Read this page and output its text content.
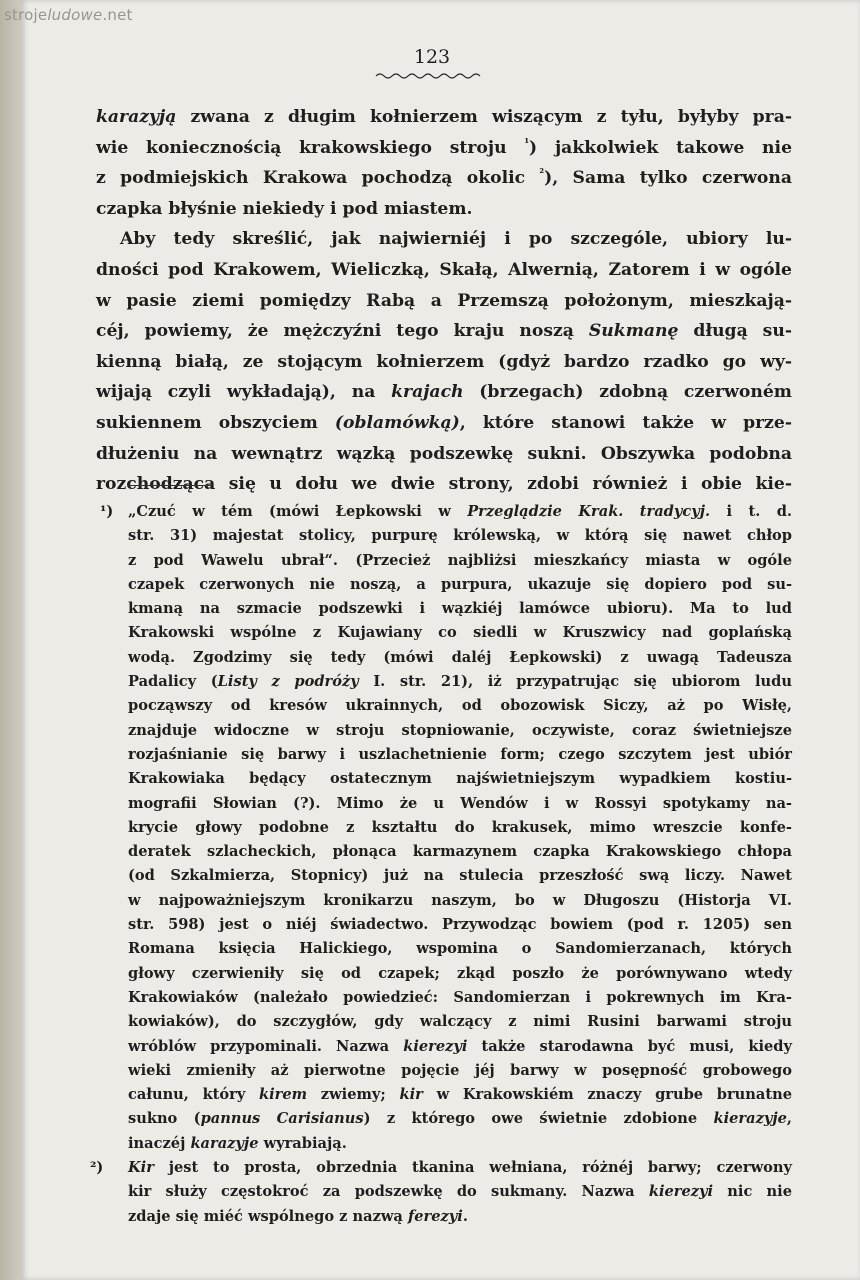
123
karazyją zwana z długim kołnierzem wiszącym z tyłu, byłyby pra-
wie koniecznością krakowskiego stroju $^{^1}$) jakkolwiek takowe nie
z podmiejskich Krakowa pochodzą okolic $^{^2}$), Sama tylko czerwona
czapka błyśnie niekiedy i pod miastem.
Aby tedy skreślić, jak najwierniéj i po szczególe, ubiory lu-
dności pod Krakowem, Wieliczką, Skałą, Alwernią, Zatorem i w ogóle
w pasie ziemi pomiędzy Rabą a Przemszą położonym, mieszkają-
céj, powiemy, że mężczyźni tego kraju noszą Sukmanę długą su-
kienną białą, ze stojącym kołnierzem (gdyż bardzo rzadko go wy-
wijają czyli wykładają), na krajach (brzegach) zdobną czerwoném
sukiennem obszyciem (oblamówką), które stanowi także w prze-
dłużeniu na wewnątrz wązką podszewkę sukni. Obszywka podobna
rozchodząca się u dołu we dwie strony, zdobi również i obie kie-
¹) „Czuć w tém (mówi Łepkowski w Przeglądzie Krak. tradycyj. i t. d.
str. 31) majestat stolicy, purpurę królewską, w którą się nawet chłop
z pod Wawelu ubrał“. (Przecież najbliżsi mieszkańcy miasta w ogóle
czapek czerwonych nie noszą, a purpura, ukazuje się dopiero pod su-
kmaną na szmacie podszewki i wązkiéj lamówce ubioru). Ma to lud
Krakowski wspólne z Kujawiany co siedli w Kruszwicy nad goplańską
wodą. Zgodzimy się tedy (mówi daléj Łepkowski) z uwagą Tadeusza
Padalicy (Listy z podróży I. str. 21), iż przypatrując się ubiorom ludu
począwszy od kresów ukrainnych, od obozowisk Siczy, aż po Wisłę,
znajduje widoczne w stroju stopniowanie, oczywiste, coraz świetniejsze
rozjaśnianie się barwy i uszlachetnienie form; czego szczytem jest ubiór
Krakowiaka będący ostatecznym najświetniejszym wypadkiem kostiu-
mografii Słowian (?). Mimo że u Wendów i w Rossyi spotykamy na-
krycie głowy podobne z kształtu do krakusek, mimo wreszcie konfe-
deratek szlacheckich, płonąca karmazynem czapka Krakowskiego chłopa
(od Szkalmierza, Stopnicy) już na stulecia przeszłość swą liczy. Nawet
w najpoważniejszym kronikarzu naszym, bo w Długoszu (Historja VI.
str. 598) jest o niéj świadectwo. Przywodząc bowiem (pod r. 1205) sen
Romana księcia Halickiego, wspomina o Sandomierzanach, których
głowy czerwieniły się od czapek; zkąd poszło że porównywano wtedy
Krakowiaków (należało powiedzieć: Sandomierzan i pokrewnych im Kra-
kowiaków), do szczygłów, gdy walczący z nimi Rusini barwami stroju
wróblów przypominali. Nazwa kierezyi także starodawna być musi, kiedy
wieki zmieniły aż pierwotne pojęcie jéj barwy w posępność grobowego
całunu, który kirem zwiemy; kir w Krakowskiém znaczy grube brunatne
sukno (pannus Carisianus) z którego owe świetnie zdobione kierazyje,
inaczéj karazyje wyrabiają.
²) Kir jest to prosta, obrzednia tkanina wełniana, różnéj barwy; czerwony
kir służy częstokroć za podszewkę do sukmany. Nazwa kierezyi nic nie
zdaje się miéć wspólnego z nazwą ferezyi.
strojeludowe.net
